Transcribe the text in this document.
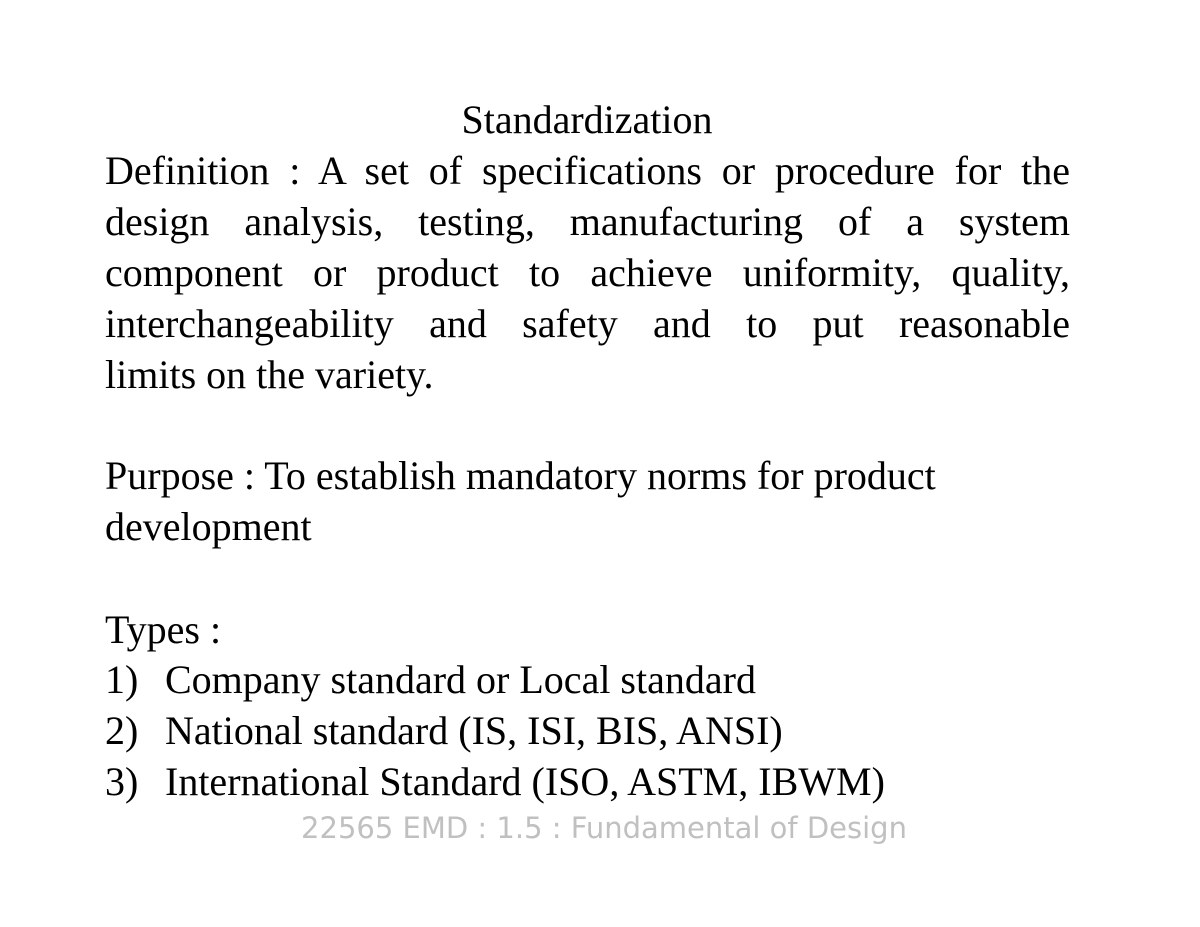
Standardization
Definition : A set of specifications or procedure for the
design analysis, testing, manufacturing of a system
component or product to achieve uniformity, quality,
interchangeability and safety and to put reasonable
limits on the variety.
Purpose : To establish mandatory norms for product
development
Types :
1) Company standard or Local standard
2) National standard (IS, ISI, BIS, ANSI)
3) International Standard (ISO, ASTM, IBWM)
22565 EMD : 1.5 : Fundamental of Design
